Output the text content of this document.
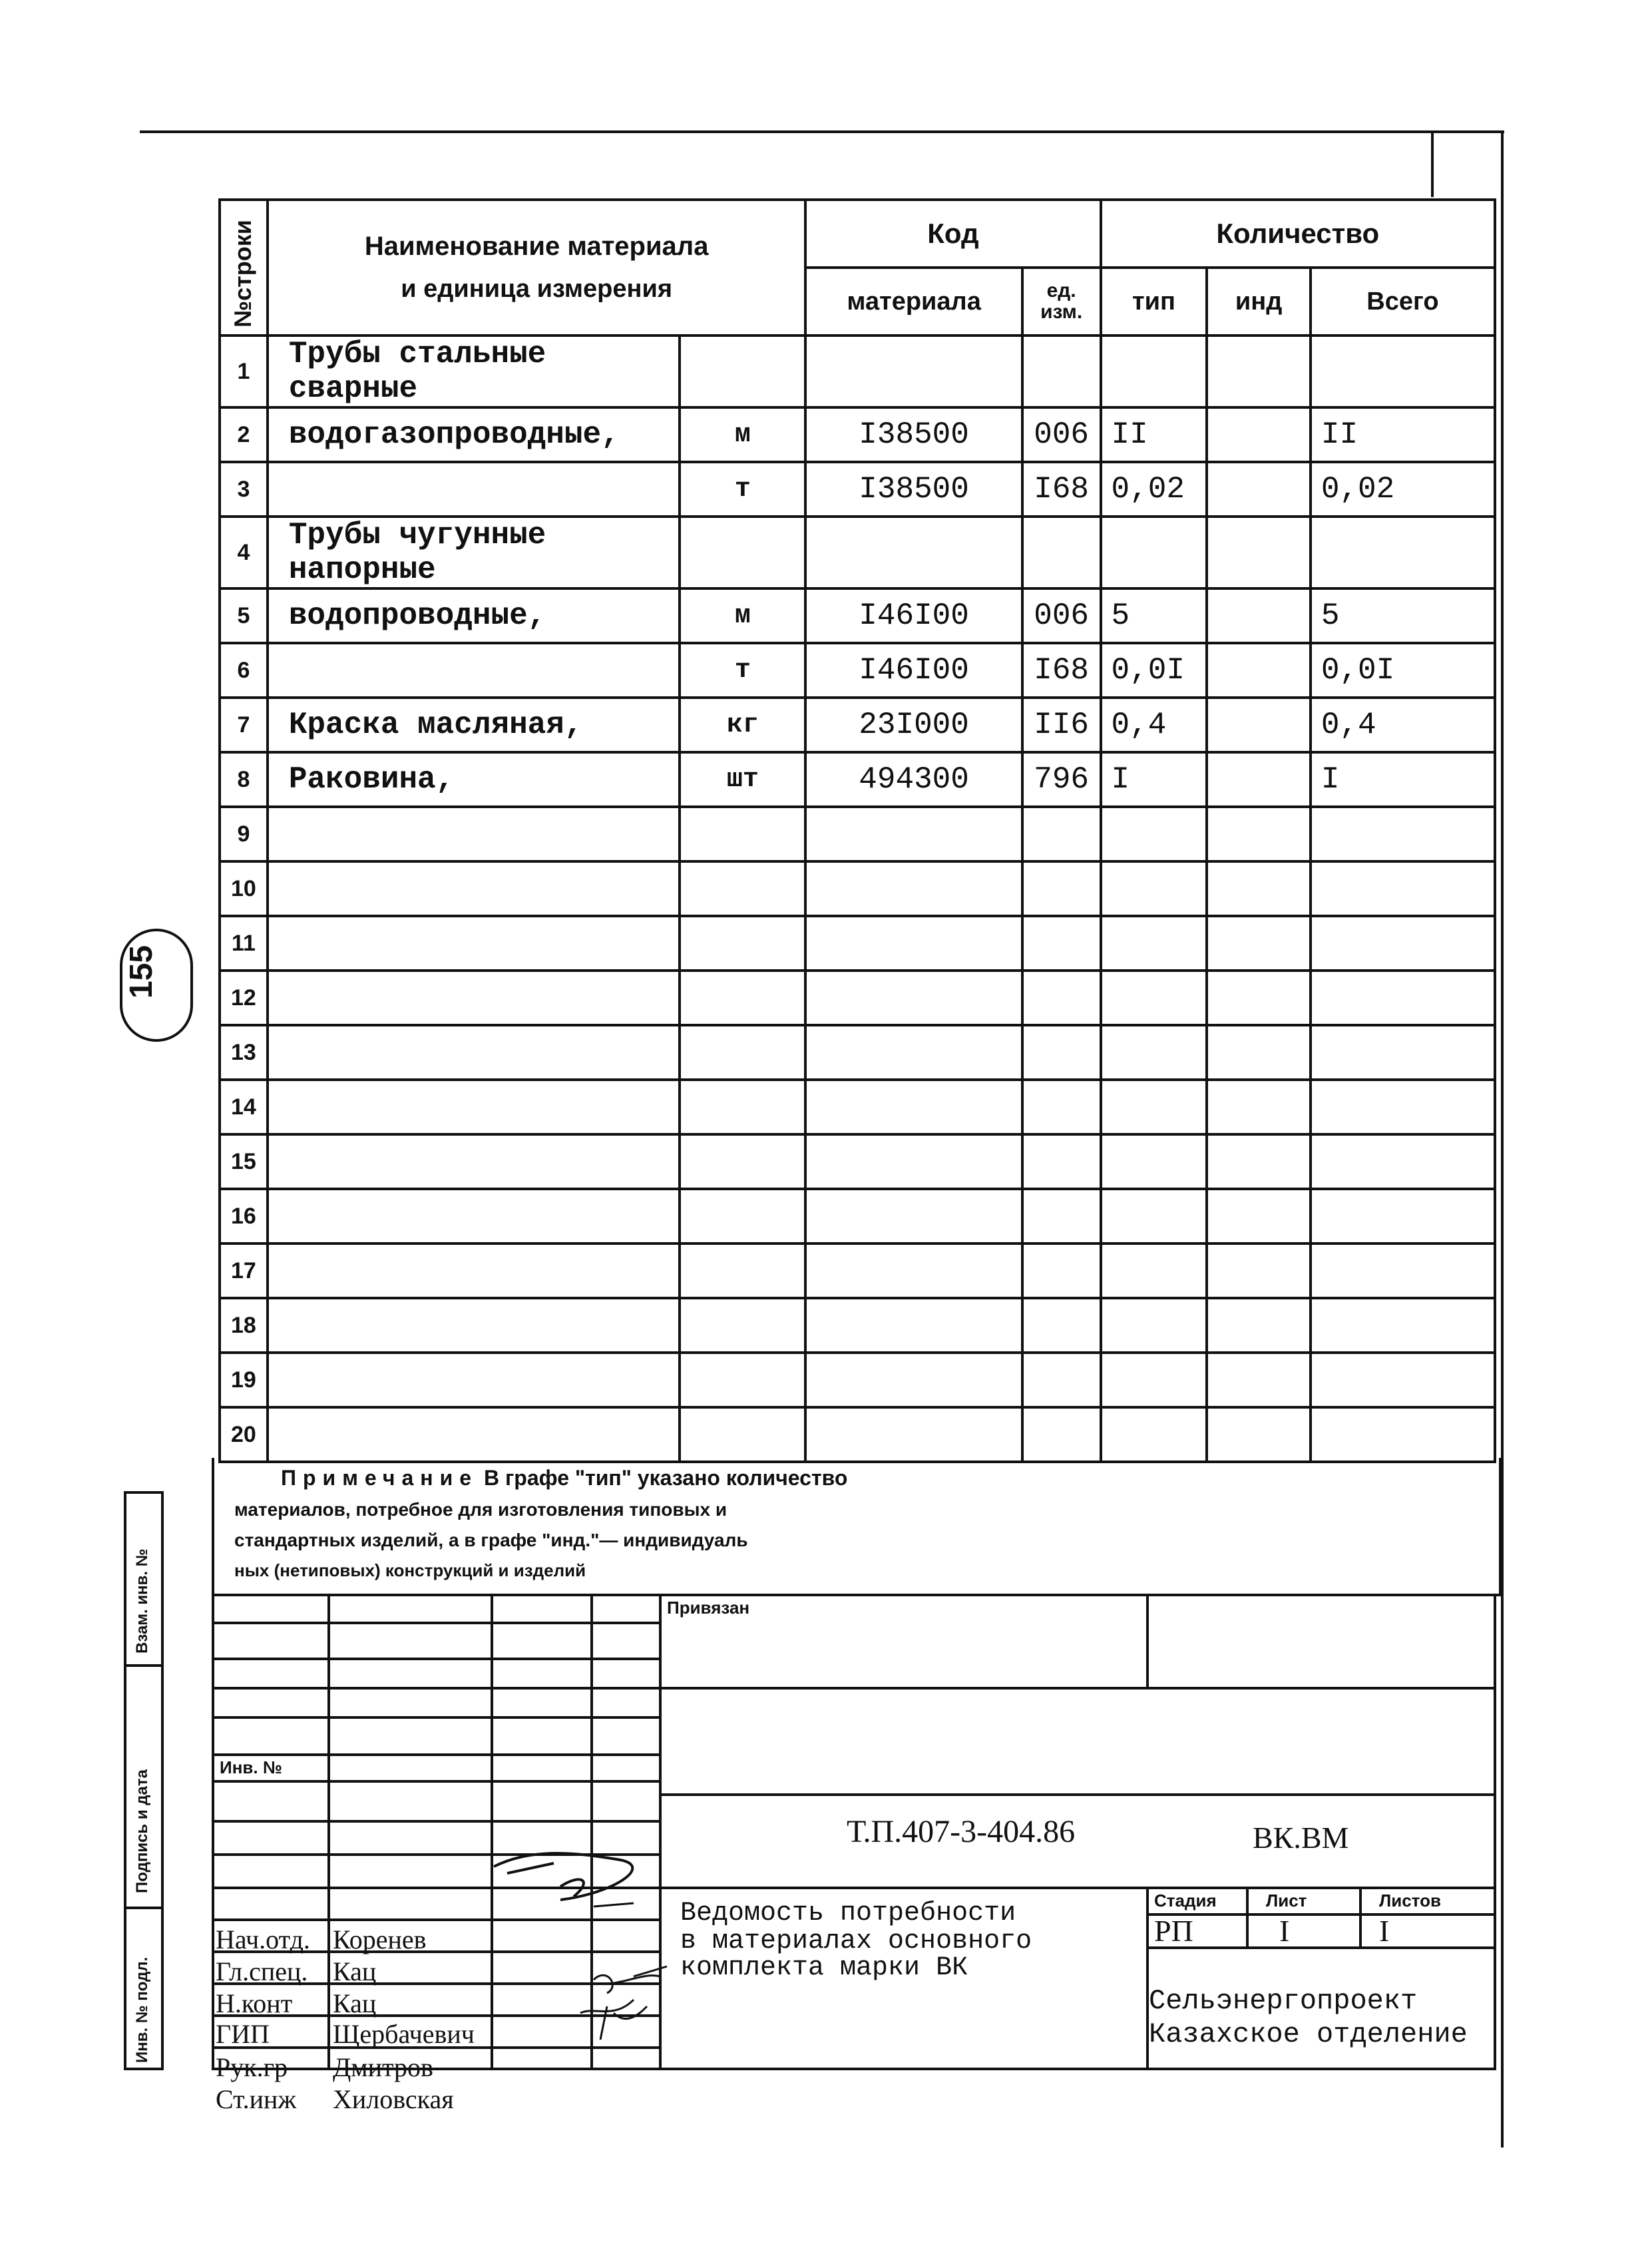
155
№строки	Наименование материала
и единица измерения		Код		Количество		
			материала	ед. изм.	тип	инд	Всего
1	Трубы стальные сварные						
2	водогазопроводные,	м	I38500	006	II		II
3		т	I38500	I68	0,02		0,02
4	Трубы чугунные напорные						
5	водопроводные,	м	I46I00	006	5		5
6		т	I46I00	I68	0,0I		0,0I
7	Краска масляная,	кг	23I000	II6	0,4		0,4
8	Раковина,	шт	494300	796	I		I
9							
10							
11							
12							
13							
14							
15							
16							
17							
18							
19							
20							
Примечание В графе "тип" указано количество
материалов, потребное для изготовления типовых и
стандартных изделий, а в графе "инд."— индивидуаль
ных (нетиповых) конструкций и изделий
Взам. инв. №
Подпись и дата
Инв. № подл.
Привязан
Инв. №
Т.П.407-3-404.86	ВК.ВМ
Ведомость потребности
в материалах основного
комплекта марки ВК
Стадия	Лист	Листов
РП	I	I
Сельэнергопроект
Казахское отделение
Нач.отд. Коренев
Гл.спец. Кац
Н.конт Кац
ГИП Щербачевич
Рук.гр Дмитров
Ст.инж Хиловская
